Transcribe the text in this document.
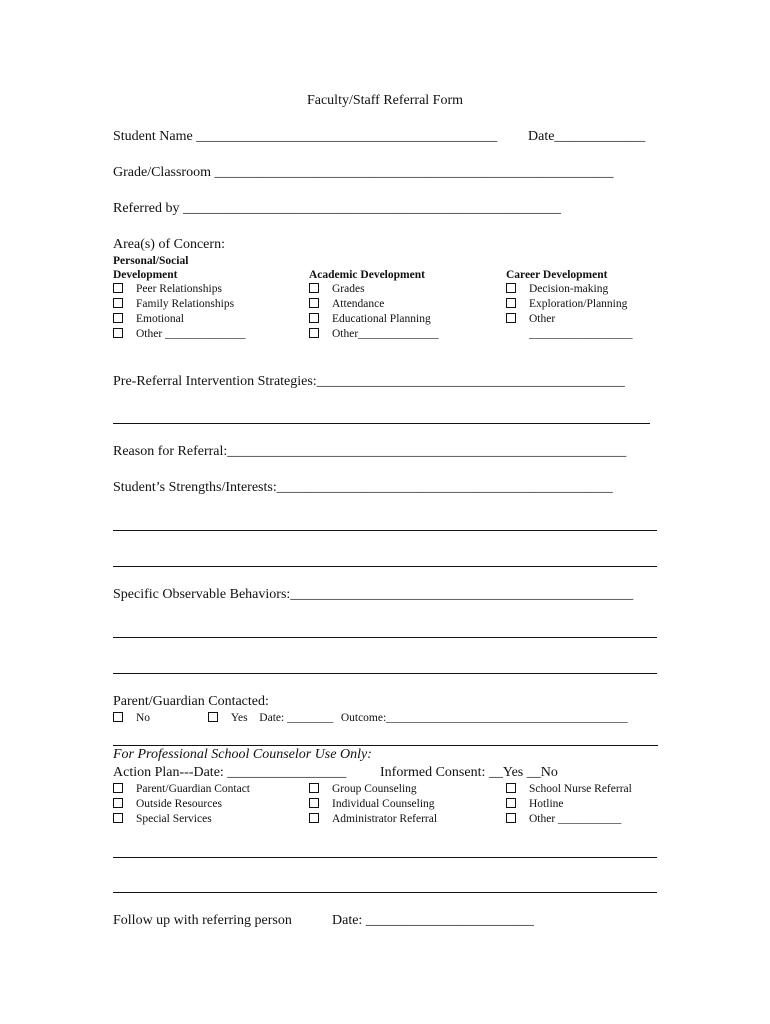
Faculty/Staff Referral Form
Student Name ___________________________________________ Date_____________
Grade/Classroom _________________________________________________________
Referred by ______________________________________________________
Area(s) of Concern:
Personal/Social
Development
Peer Relationships
Family Relationships
Emotional
Other ______________
Academic Development
Grades
Attendance
Educational Planning
Other______________
Career Development
Decision-making
Exploration/Planning
Other
__________________
Pre-Referral Intervention Strategies:____________________________________________
Reason for Referral:_________________________________________________________
Student’s Strengths/Interests:________________________________________________
Specific Observable Behaviors:_________________________________________________
Parent/Guardian Contacted:
No	Yes Date: ________ Outcome:__________________________________________
For Professional School Counselor Use Only:
Action Plan---Date: _________________ Informed Consent: __Yes __No
Parent/Guardian Contact
Outside Resources
Special Services
Group Counseling
Individual Counseling
Administrator Referral
School Nurse Referral
Hotline
Other ___________
Follow up with referring person	Date: ________________________
